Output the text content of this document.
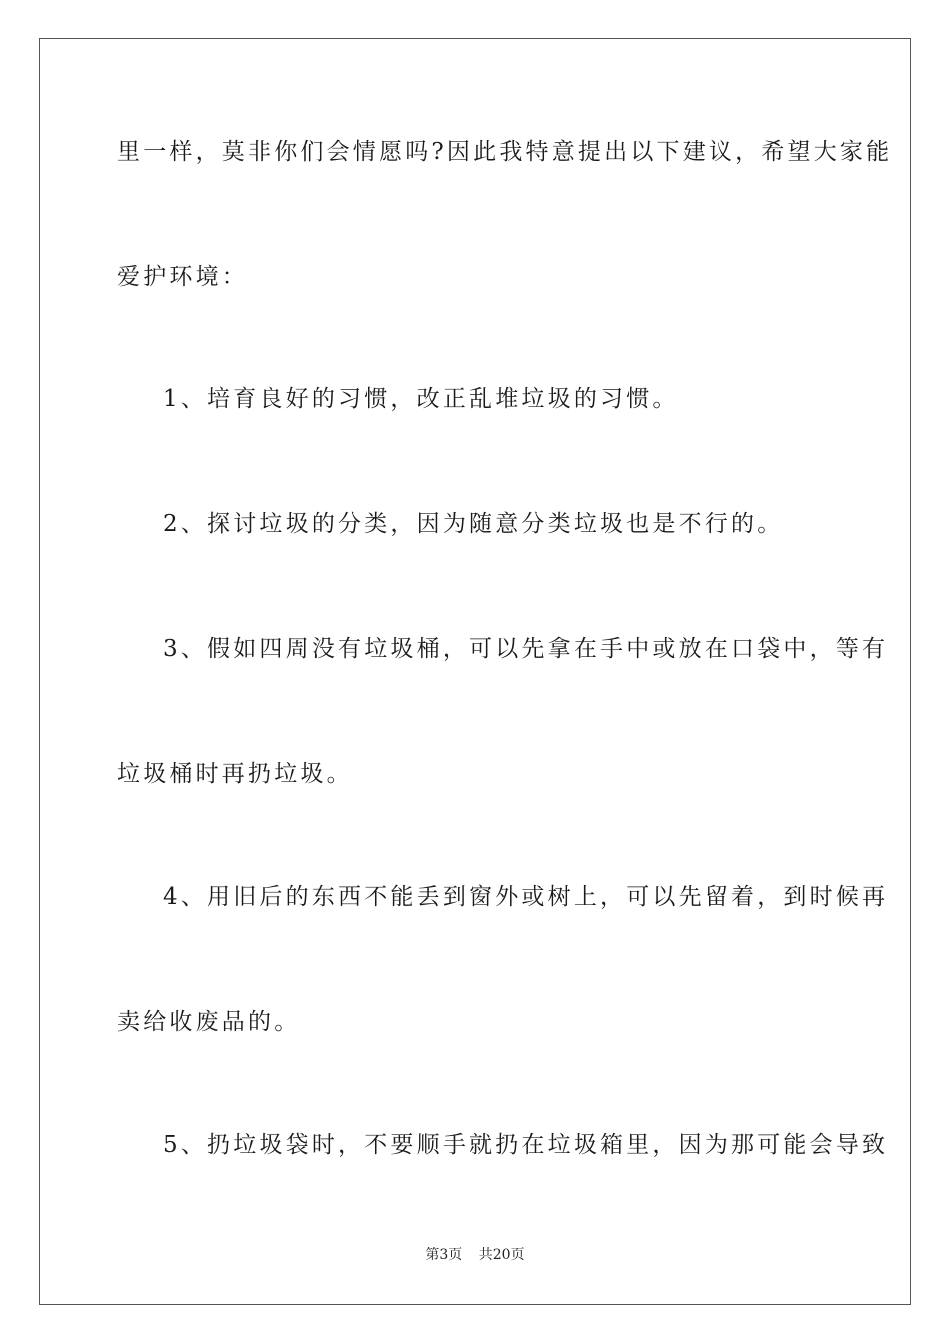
里一样，莫非你们会情愿吗?因此我特意提出以下建议，希望大家能
爱护环境：
1、培育良好的习惯，改正乱堆垃圾的习惯。
2、探讨垃圾的分类，因为随意分类垃圾也是不行的。
3、假如四周没有垃圾桶，可以先拿在手中或放在口袋中，等有
垃圾桶时再扔垃圾。
4、用旧后的东西不能丢到窗外或树上，可以先留着，到时候再
卖给收废品的。
5、扔垃圾袋时，不要顺手就扔在垃圾箱里，因为那可能会导致
第3页 共20页
